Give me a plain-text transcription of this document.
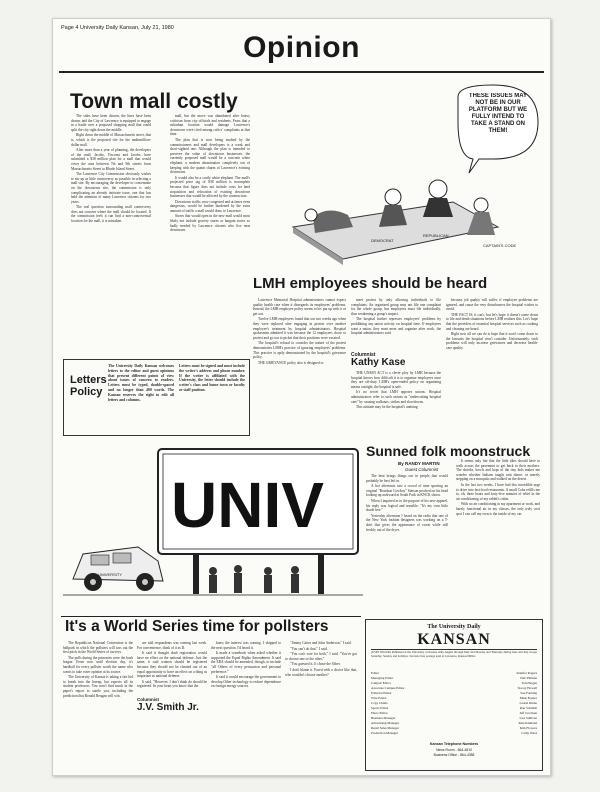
Page 4 University Daily Kansan, July 21, 1980
Opinion
Town mall costly

The sides have been chosen, the lines have been drawn, and the City of Lawrence is equipped to engage in a battle over a proposed shopping mall that could split the city right down the middle.

Right down the middle of Massachusetts street, that is, which is the proposed site for the multimillion-dollar mall.

After more than a year of planning, the developers of the mall, Jacobs, Visconsi and Jacobs, have submitted a $38 million plan for a mall that would cover the area between 7th and 9th streets from Massachusetts Street to Rhode Island Street.

The Lawrence City Commission obviously wishes to stir up as little controversy as possible in selecting a mall site. By encouraging the developer to concentrate on the downtown site, the commission is only complicating an already intricate issue, one that has held the attention of many Lawrence citizens for two years.

The real question surrounding mall controversy does not concern where the mall should be located. If the commission feels it can find a non-controversial location for the mall, it is mistaken.

mall, but the move was abandoned after heavy criticism from city officials and residents. Fears that a suburban location would damage Lawrence's downtown were cited among critics' complaints at that time.

The plan that is now being studied by the commissioners and mall developers is a weak and short-sighted one. Although the plan is intended to preserve the value of downtown businesses, the currently proposed mall would be a concrete white elephant, a modern abomination completely out of keeping with the quaint charm of Lawrence's existing downtown.

It would also be a costly white elephant. The mall's projected price tag of $38 million is incomplete because that figure does not include costs for land acquisition and relocation of existing downtown businesses that would be affected by the construction.

Downtown traffic, now congested and at times even dangerous, would be further burdened by the extra amount of traffic a mall would draw to Lawrence.

Stores that would open in the new mall would most likely not include grocery stores or bargain stores so badly needed by Lawrence citizens who live near downtown.

THESE ISSUES MAY NOT BE IN OUR PLATFORM BUT WE FULLY INTEND TO TAKE A STAND ON THEM!
CAPTAIN'S CODE
DEMOCRAT
REPUBLICAN
LMH employees should be heard

Lawrence Memorial Hospital administrators cannot expect quality health care when it disregards its employees' problems. Instead, the LMH employee policy seems to be: put up with it or get out.

Twelve LMH employees found that out two weeks ago when they were replaced after engaging in protest over another employee's treatment by hospital administrators. Hospital spokesmen admitted it was because the 12 employees chose to protest and go out to picket that their positions were vacated.

The hospital's refusal to consider the nature of the protest demonstrates LMH's practice of ignoring employees' problems. This practice is aptly demonstrated by the hospital's grievance policy.

THE GRIEVANCE policy also is designed to

meet protest by only allowing individuals to file complaints. An organized group may not file one complaint for the whole group, but employees must file individually, thus weakening a group's impact.

The hospital further represses employees' problems by prohibiting any union activity on hospital time. If employees want a union, they must meet and organize after work, the hospital administrators said.

because job quality will suffer, if employee problems are ignored, and cause the very disturbances the hospital wishes to avoid.

THE FACT IS, it can't, but let's hope it doesn't come down to life and death situations before LMH realizes this. Let's hope that the providers of essential hospital services such as cooking and cleaning are heard.

Right now all we can do is hope that it won't come down to the lawsuits the hospital won't consider. Unfortunately, such problems will only increase grievances and decrease health-care quality.

Columnist
Kathy Kase

THE UNION ACT is a clever ploy by LMH because the hospital knows how difficult it is to organize employees once they are off-duty. LMH's open-ended policy on organizing means outright, the hospital is safe.

It's no secret that LMH opposes unions. Hospital administrators refer to such unions as "undercutting hospital care" by causing walkouts, strikes and slowdowns.

This attitude may be the hospital's undoing

Letters Policy
The University Daily Kansan welcomes letters to the editor and guest opinions that present different points of view about issues of concern to readers. Letters must be typed, double-spaced and no longer than 400 words. The Kansan reserves the right to edit all letters and columns.
Letters must be signed and must include the writer's address and phone number. If the writer is affiliated with the University, the letter should include the writer's class and home town or faculty or staff position.
UNIV
UNIVERSITY
Sunned folk moonstruck
By RANDY MARTIN
Guest Columnist

The heat brings things out in people that would probably be best left in.

A hot afternoon saw a crowd of nine sporting an original "Bourbon Cowboy" Stetson perched on his head looking up awkward at South Park in KNCK shorts.

When I inquired as to the purpose of his new apparel, his reply was logical and sensible: "It's my own little shade tree."

Yesterday afternoon I heard on the radio that one of the New York fashion designers was working on a T-shirt that gives the appearance of sweat while still freshly out of the dryer.

It seems only fair that the little tikes should have to walk across the pavement to get back to their mothers. The shrieks, howls and hops of the tiny kids makes me wonder whether Indians taught rain dance, or merely stepping on a mosquito and walked on the desert.

In the last two weeks, I have had this incredible urge to drive into fast-food restaurants. A small Coke refills me to, oh, three hours and forty-five minutes of relief in the air conditioning of my rabbit's cabin.

With no air conditioning in my apartment or work, and barely functional air in my classes, the only truly cool spot I can call my own is the inside of my car.

It's a World Series time for pollsters

The Republican National Convention is the ballpark in which the pollsters will toss out the first pitch in the World Series of surveys.

The polls during the primaries were the bush league. From now until election day, it's hardball for every pollster worth the name who wants to take voter opinion at its source.

The University of Kansas is taking a fair bid to break into the lineup, but expects all its student professors. You won't find much in the paper's report to startle you, including the prediction that Ronald Reagan will win.

are told respondents was coming last week. For convenience, think of it as D.

It said it thought draft registration would have no effect on the national defense. Just the same, it said women should be registered because they should not be cheated out of an equal opportunity to have an effect on a thing as important as national defense.

It said, "However, I don't think do should be registered. In your heart you know that the

Columnist
J.V. Smith Jr.

knew the interest was waning. I skipped to the next question. I'd heard it.

It made a comeback when asked whether it supported the Equal Rights Amendment. It said the ERA should be amended, though, to include "all Others of every persuasion and personal preference."

It said it would encourage the government to develop Other technology to reduce dependence on foreign energy sources.

"Jimmy Carter and John Anderson," I said.

"You can't do that," I said.

"You can't vote for both," I said. "You've got to choose one or the other."

"You guessed it. It chose the Other.

I don't blame it. Faced with a choice like that, who wouldn't choose another?

The University Daily
KANSAN
(USPS 650-640) Published at the University of Kansas daily August through May and Monday and Thursday during June and July except Saturday, Sunday and holidays. Second-class postage paid at Lawrence, Kansas 66044.
Editor	Jennifer Rogers
Managing Editor	Deb Pittman
Campus Editor	Tom Bogan
Associate Campus Editor	Stacey Howell
Editorial Editor	Sue Fanning
Wire Editor	Mark Frazier
Copy Chiefs	Laurel Kibbe
Sports Editor	Ron Schmidt
Photo Editor	Jeff Jacobsen
Business Manager	Lisa Sullivan
Advertising Manager	Julie Kirkland
Retail Sales Manager	Kim Flowers
Production Manager	Cathy Ward
Kansan Telephone Numbers
News Room - 864-4810
Business Office - 864-4358
